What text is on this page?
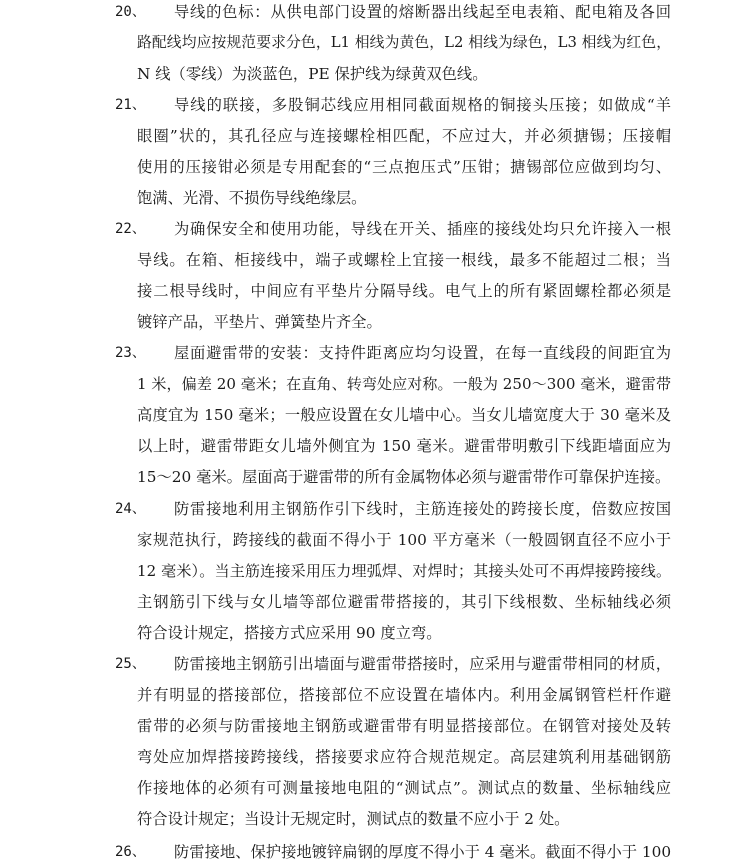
20、	导线的色标：从供电部门设置的熔断器出线起至电表箱、配电箱及各回
路配线均应按规范要求分色，L1 相线为黄色，L2 相线为绿色，L3 相线为红色，
N 线（零线）为淡蓝色，PE 保护线为绿黄双色线。
21、	导线的联接，多股铜芯线应用相同截面规格的铜接头压接；如做成“羊
眼圈”状的，其孔径应与连接螺栓相匹配，不应过大，并必须搪锡；压接帽
使用的压接钳必须是专用配套的“三点抱压式”压钳；搪锡部位应做到均匀、
饱满、光滑、不损伤导线绝缘层。
22、	为确保安全和使用功能，导线在开关、插座的接线处均只允许接入一根
导线。在箱、柜接线中，端子或螺栓上宜接一根线，最多不能超过二根；当
接二根导线时，中间应有平垫片分隔导线。电气上的所有紧固螺栓都必须是
镀锌产品，平垫片、弹簧垫片齐全。
23、	屋面避雷带的安装：支持件距离应均匀设置，在每一直线段的间距宜为
1 米，偏差 20 毫米；在直角、转弯处应对称。一般为 250～300 毫米，避雷带
高度宜为 150 毫米；一般应设置在女儿墙中心。当女儿墙宽度大于 30 毫米及
以上时，避雷带距女儿墙外侧宜为 150 毫米。避雷带明敷引下线距墙面应为
15～20 毫米。屋面高于避雷带的所有金属物体必须与避雷带作可靠保护连接。
24、	防雷接地利用主钢筋作引下线时，主筋连接处的跨接长度，倍数应按国
家规范执行，跨接线的截面不得小于 100 平方毫米（一般圆钢直径不应小于
12 毫米）。当主筋连接采用压力埋弧焊、对焊时；其接头处可不再焊接跨接线。
主钢筋引下线与女儿墙等部位避雷带搭接的，其引下线根数、坐标轴线必须
符合设计规定，搭接方式应采用 90 度立弯。
25、	防雷接地主钢筋引出墙面与避雷带搭接时，应采用与避雷带相同的材质，
并有明显的搭接部位，搭接部位不应设置在墙体内。利用金属钢管栏杆作避
雷带的必须与防雷接地主钢筋或避雷带有明显搭接部位。在钢管对接处及转
弯处应加焊搭接跨接线，搭接要求应符合规范规定。高层建筑利用基础钢筋
作接地体的必须有可测量接地电阻的“测试点”。测试点的数量、坐标轴线应
符合设计规定；当设计无规定时，测试点的数量不应小于 2 处。
26、	防雷接地、保护接地镀锌扁钢的厚度不得小于 4 毫米。截面不得小于 100
